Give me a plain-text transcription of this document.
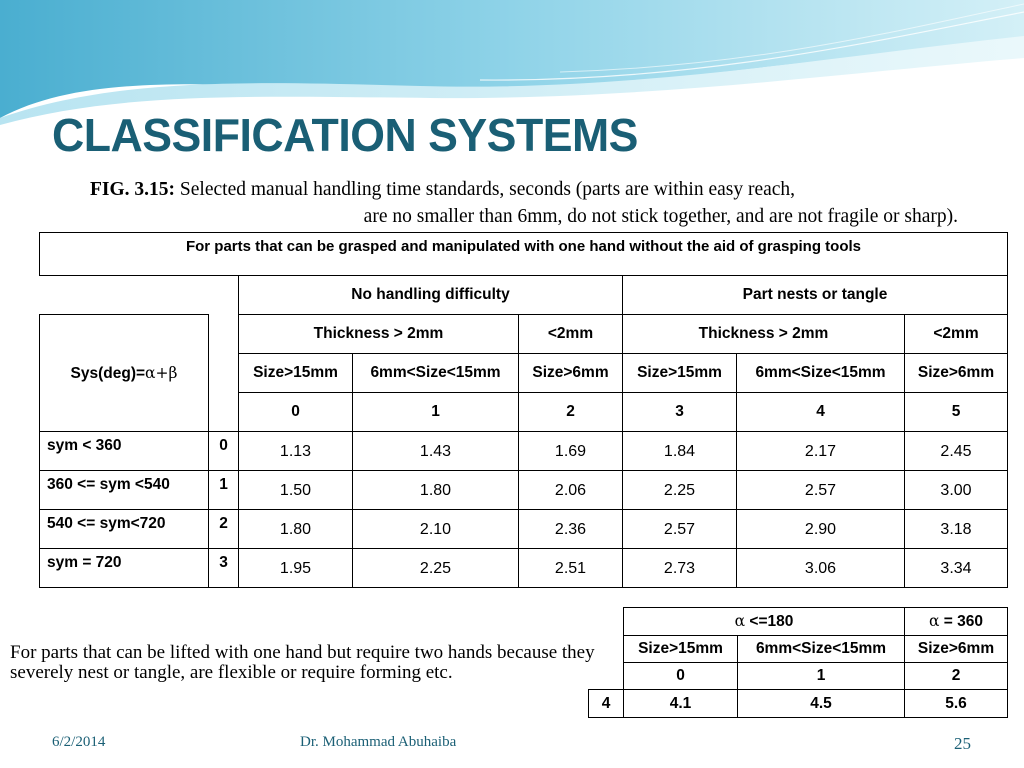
CLASSIFICATION SYSTEMS
FIG. 3.15: Selected manual handling time standards, seconds (parts are within easy reach,
are no smaller than 6mm, do not stick together, and are not fragile or sharp).
For parts that can be grasped and manipulated with one hand without the aid of grasping tools							
		No handling difficulty			Part nests or tangle		
Sys(deg)=α+β		Thickness > 2mm		<2mm	Thickness > 2mm		<2mm
		Size>15mm	6mm<Size<15mm	Size>6mm	Size>15mm	6mm<Size<15mm	Size>6mm
		0	1	2	3	4	5
sym < 360	0	1.13	1.43	1.69	1.84	2.17	2.45
360 <= sym <540	1	1.50	1.80	2.06	2.25	2.57	3.00
540 <= sym<720	2	1.80	2.10	2.36	2.57	2.90	3.18
sym = 720	3	1.95	2.25	2.51	2.73	3.06	3.34
For parts that can be lifted with one hand but require two hands because they severely nest or tangle, are flexible or require forming etc.
	α <=180		α = 360
	Size>15mm	6mm<Size<15mm	Size>6mm
	0	1	2
4	4.1	4.5	5.6
6/2/2014	Dr. Mohammad Abuhaiba	25
